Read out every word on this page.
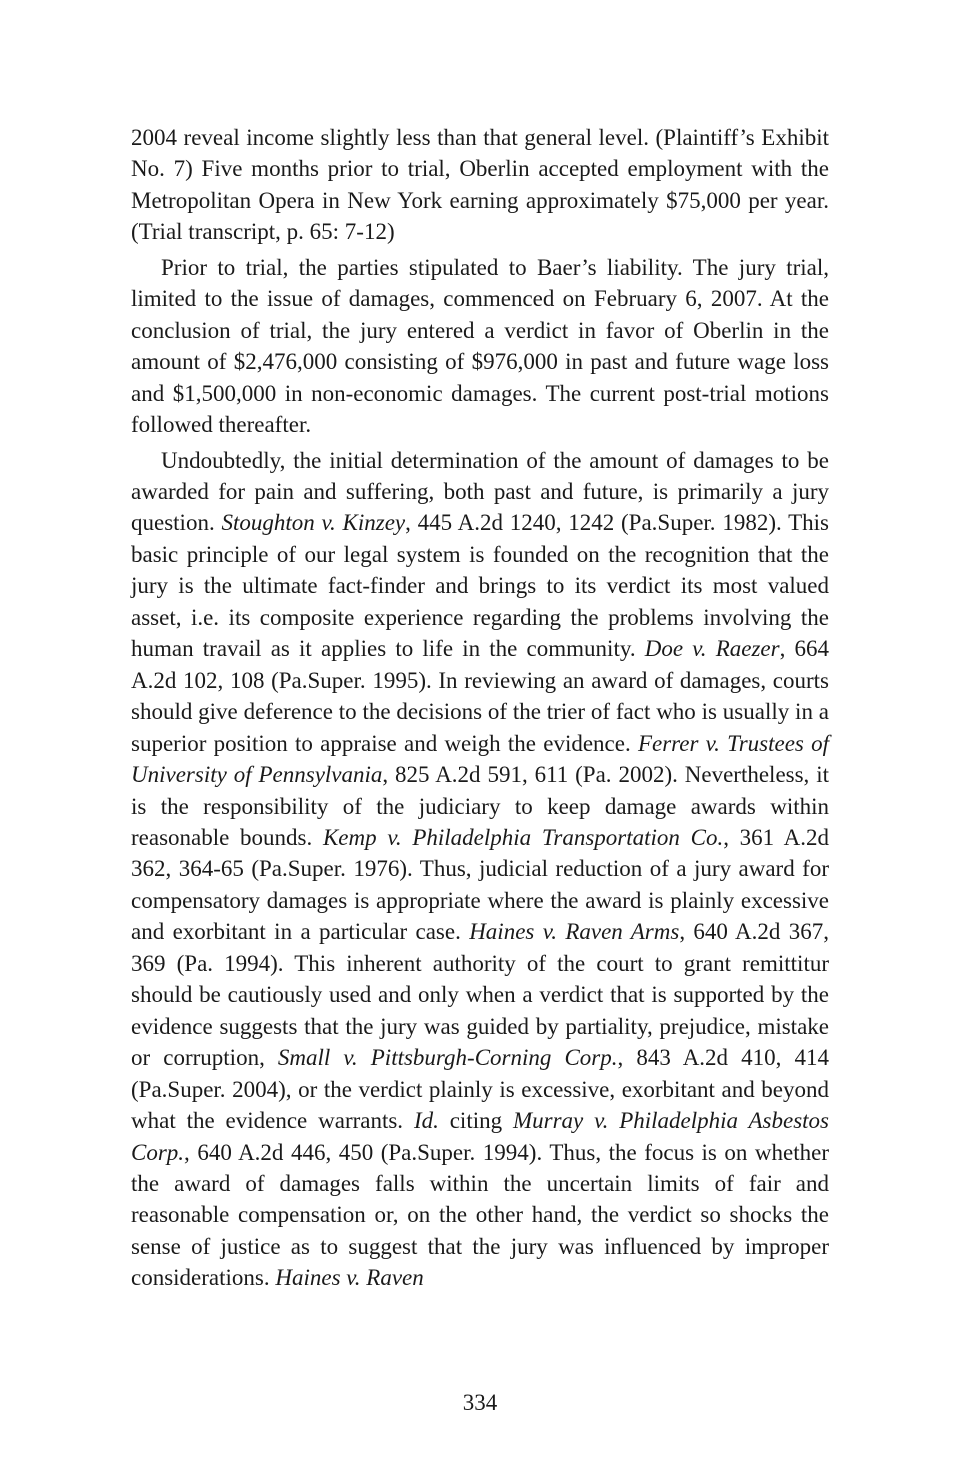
2004 reveal income slightly less than that general level. (Plaintiff’s Exhibit No. 7) Five months prior to trial, Oberlin accepted employment with the Metropolitan Opera in New York earning approximately $75,000 per year. (Trial transcript, p. 65: 7-12)

Prior to trial, the parties stipulated to Baer’s liability. The jury trial, limited to the issue of damages, commenced on February 6, 2007. At the conclusion of trial, the jury entered a verdict in favor of Oberlin in the amount of $2,476,000 consisting of $976,000 in past and future wage loss and $1,500,000 in non-economic damages. The current post-trial motions followed thereafter.

Undoubtedly, the initial determination of the amount of damages to be awarded for pain and suffering, both past and future, is primarily a jury question. Stoughton v. Kinzey, 445 A.2d 1240, 1242 (Pa.Super. 1982). This basic principle of our legal system is founded on the recognition that the jury is the ultimate fact-finder and brings to its verdict its most valued asset, i.e. its composite experience regarding the problems involving the human travail as it applies to life in the community. Doe v. Raezer, 664 A.2d 102, 108 (Pa.Super. 1995). In reviewing an award of damages, courts should give deference to the decisions of the trier of fact who is usually in a superior position to appraise and weigh the evidence. Ferrer v. Trustees of University of Pennsylvania, 825 A.2d 591, 611 (Pa. 2002). Nevertheless, it is the responsibility of the judiciary to keep damage awards within reasonable bounds. Kemp v. Philadelphia Transportation Co., 361 A.2d 362, 364-65 (Pa.Super. 1976). Thus, judicial reduction of a jury award for compensatory damages is appropriate where the award is plainly excessive and exorbitant in a particular case. Haines v. Raven Arms, 640 A.2d 367, 369 (Pa. 1994). This inherent authority of the court to grant remittitur should be cautiously used and only when a verdict that is supported by the evidence suggests that the jury was guided by partiality, prejudice, mistake or corruption, Small v. Pittsburgh-Corning Corp., 843 A.2d 410, 414 (Pa.Super. 2004), or the verdict plainly is excessive, exorbitant and beyond what the evidence warrants. Id. citing Murray v. Philadelphia Asbestos Corp., 640 A.2d 446, 450 (Pa.Super. 1994). Thus, the focus is on whether the award of damages falls within the uncertain limits of fair and reasonable compensation or, on the other hand, the verdict so shocks the sense of justice as to suggest that the jury was influenced by improper considerations. Haines v. Raven

334
